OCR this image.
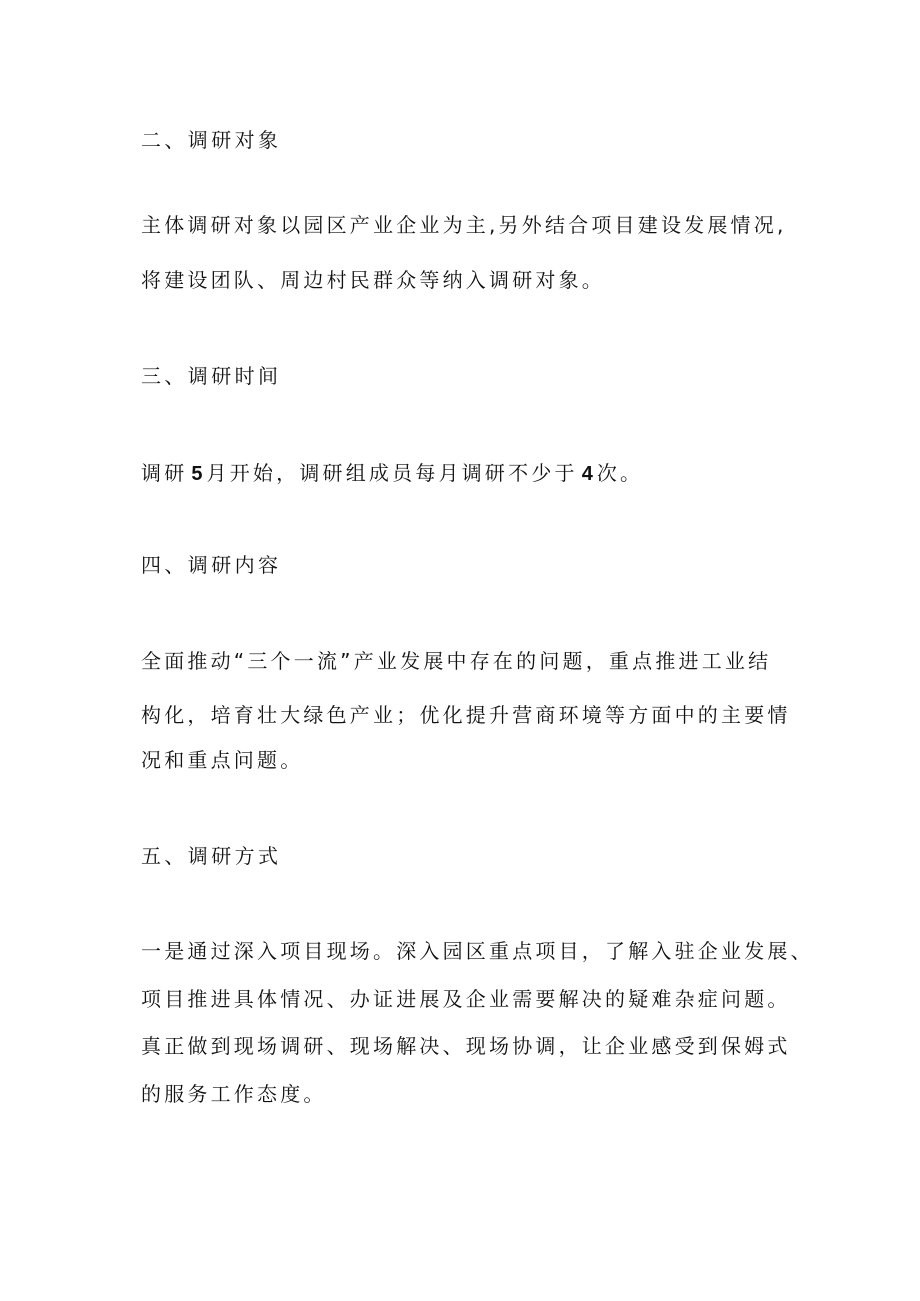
二、调研对象
主体调研对象以园区产业企业为主,另外结合项目建设发展情况,
将建设团队、周边村民群众等纳入调研对象。
三、调研时间
调研 5 月开始，调研组成员每月调研不少于 4 次。
四、调研内容
全面推动“三个一流”产业发展中存在的问题，重点推进工业结
构化，培育壮大绿色产业；优化提升营商环境等方面中的主要情
况和重点问题。
五、调研方式
一是通过深入项目现场。深入园区重点项目，了解入驻企业发展、
项目推进具体情况、办证进展及企业需要解决的疑难杂症问题。
真正做到现场调研、现场解决、现场协调，让企业感受到保姆式
的服务工作态度。
